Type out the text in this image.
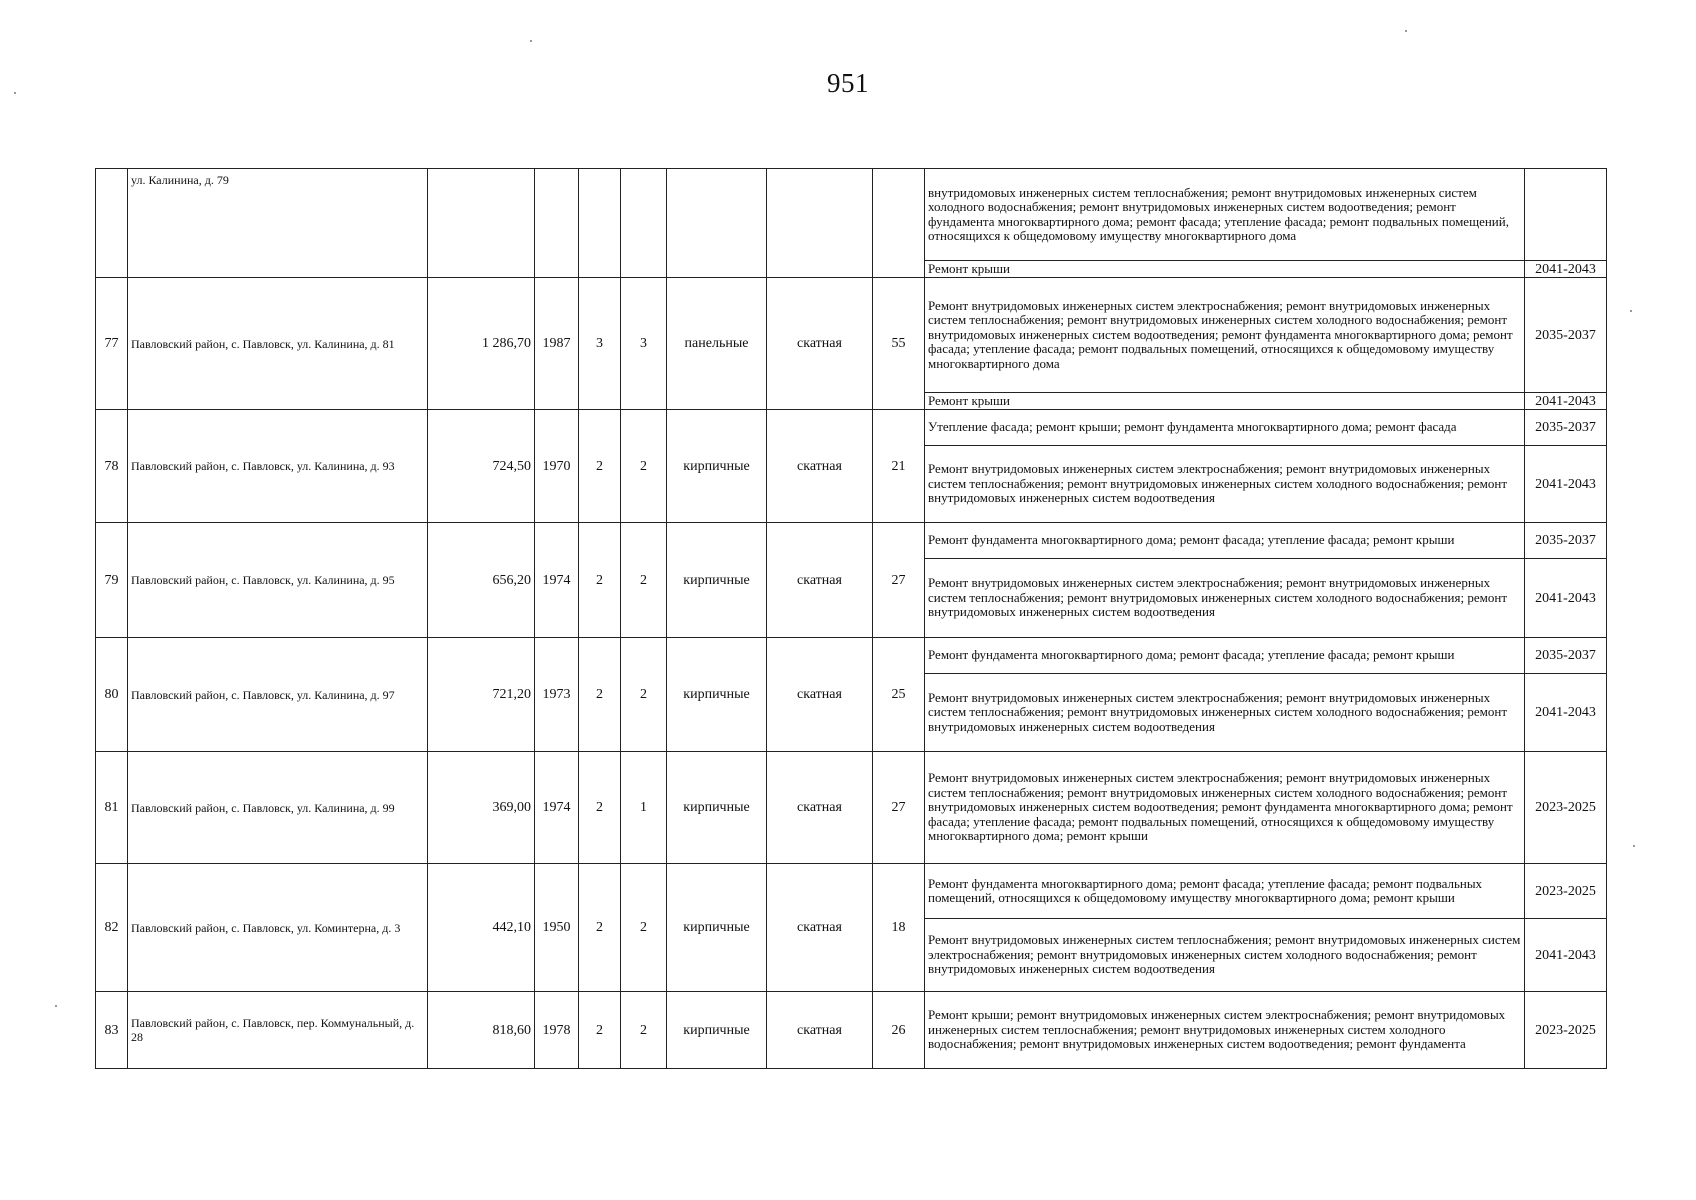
951
	ул. Калинина, д. 79								внутридомовых инженерных систем теплоснабжения; ремонт внутридомовых инженерных систем холодного водоснабжения; ремонт внутридомовых инженерных систем водоотведения; ремонт фундамента многоквартирного дома; ремонт фасада; утепление фасада; ремонт подвальных помещений, относящихся к общедомовому имуществу многоквартирного дома	
									Ремонт крыши	2041-2043
77	Павловский район, с. Павловск, ул. Калинина, д. 81	1 286,70	1987	3	3	панельные	скатная	55	Ремонт внутридомовых инженерных систем электроснабжения; ремонт внутридомовых инженерных систем теплоснабжения; ремонт внутридомовых инженерных систем холодного водоснабжения; ремонт внутридомовых инженерных систем водоотведения; ремонт фундамента многоквартирного дома; ремонт фасада; утепление фасада; ремонт подвальных помещений, относящихся к общедомовому имуществу многоквартирного дома	2035-2037
									Ремонт крыши	2041-2043
78	Павловский район, с. Павловск, ул. Калинина, д. 93	724,50	1970	2	2	кирпичные	скатная	21	Утепление фасада; ремонт крыши; ремонт фундамента многоквартирного дома; ремонт фасада	2035-2037
									Ремонт внутридомовых инженерных систем электроснабжения; ремонт внутридомовых инженерных систем теплоснабжения; ремонт внутридомовых инженерных систем холодного водоснабжения; ремонт внутридомовых инженерных систем водоотведения	2041-2043
79	Павловский район, с. Павловск, ул. Калинина, д. 95	656,20	1974	2	2	кирпичные	скатная	27	Ремонт фундамента многоквартирного дома; ремонт фасада; утепление фасада; ремонт крыши	2035-2037
									Ремонт внутридомовых инженерных систем электроснабжения; ремонт внутридомовых инженерных систем теплоснабжения; ремонт внутридомовых инженерных систем холодного водоснабжения; ремонт внутридомовых инженерных систем водоотведения	2041-2043
80	Павловский район, с. Павловск, ул. Калинина, д. 97	721,20	1973	2	2	кирпичные	скатная	25	Ремонт фундамента многоквартирного дома; ремонт фасада; утепление фасада; ремонт крыши	2035-2037
									Ремонт внутридомовых инженерных систем электроснабжения; ремонт внутридомовых инженерных систем теплоснабжения; ремонт внутридомовых инженерных систем холодного водоснабжения; ремонт внутридомовых инженерных систем водоотведения	2041-2043
81	Павловский район, с. Павловск, ул. Калинина, д. 99	369,00	1974	2	1	кирпичные	скатная	27	Ремонт внутридомовых инженерных систем электроснабжения; ремонт внутридомовых инженерных систем теплоснабжения; ремонт внутридомовых инженерных систем холодного водоснабжения; ремонт внутридомовых инженерных систем водоотведения; ремонт фундамента многоквартирного дома; ремонт фасада; утепление фасада; ремонт подвальных помещений, относящихся к общедомовому имуществу многоквартирного дома; ремонт крыши	2023-2025
82	Павловский район, с. Павловск, ул. Коминтерна, д. 3	442,10	1950	2	2	кирпичные	скатная	18	Ремонт фундамента многоквартирного дома; ремонт фасада; утепление фасада; ремонт подвальных помещений, относящихся к общедомовому имуществу многоквартирного дома; ремонт крыши	2023-2025
									Ремонт внутридомовых инженерных систем теплоснабжения; ремонт внутридомовых инженерных систем электроснабжения; ремонт внутридомовых инженерных систем холодного водоснабжения; ремонт внутридомовых инженерных систем водоотведения	2041-2043
83	Павловский район, с. Павловск, пер. Коммунальный, д. 28	818,60	1978	2	2	кирпичные	скатная	26	Ремонт крыши; ремонт внутридомовых инженерных систем электроснабжения; ремонт внутридомовых инженерных систем теплоснабжения; ремонт внутридомовых инженерных систем холодного водоснабжения; ремонт внутридомовых инженерных систем водоотведения; ремонт фундамента	2023-2025
